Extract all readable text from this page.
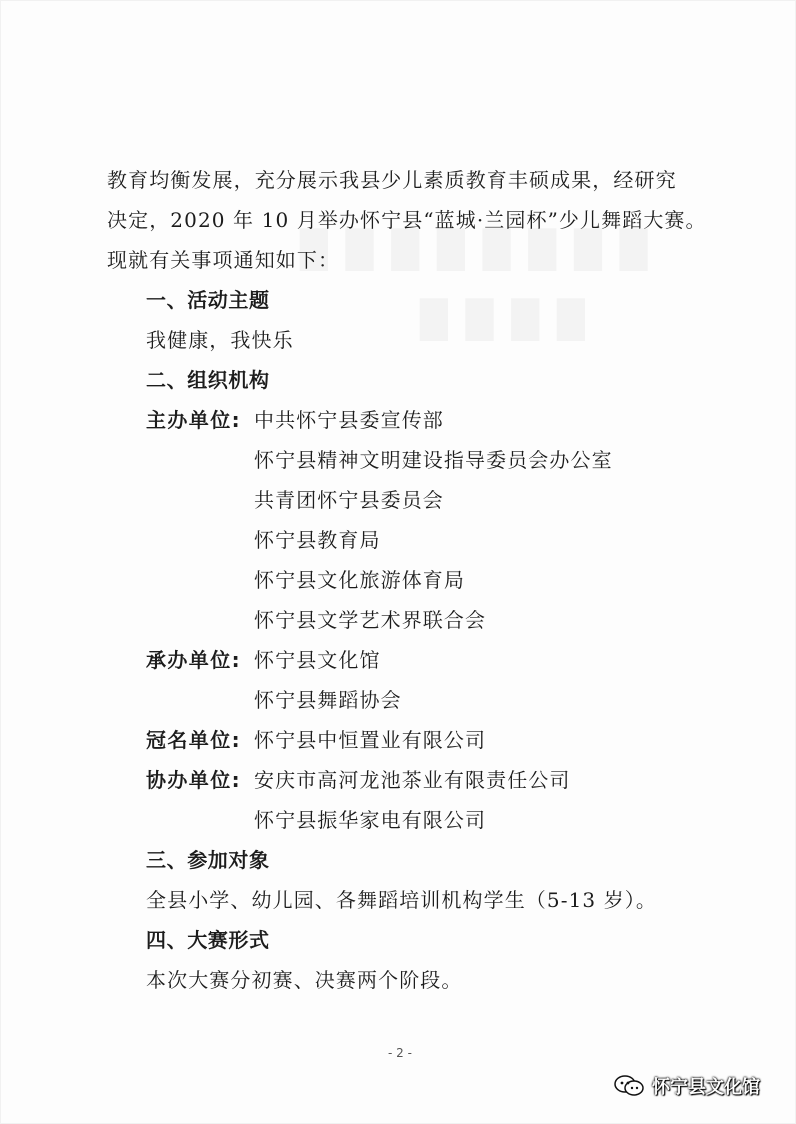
教育均衡发展，充分展示我县少儿素质教育丰硕成果，经研究
决定，2020 年 10 月举办怀宁县“蓝城·兰园杯”少儿舞蹈大赛。
现就有关事项通知如下：
一、活动主题
我健康，我快乐
二、组织机构
主办单位: 中共怀宁县委宣传部
怀宁县精神文明建设指导委员会办公室
共青团怀宁县委员会
怀宁县教育局
怀宁县文化旅游体育局
怀宁县文学艺术界联合会
承办单位: 怀宁县文化馆
怀宁县舞蹈协会
冠名单位: 怀宁县中恒置业有限公司
协办单位: 安庆市高河龙池茶业有限责任公司
怀宁县振华家电有限公司
三、参加对象
全县小学、幼儿园、各舞蹈培训机构学生（5-13 岁）。
四、大赛形式
本次大赛分初赛、决赛两个阶段。
- 2 -
怀宁县文化馆
